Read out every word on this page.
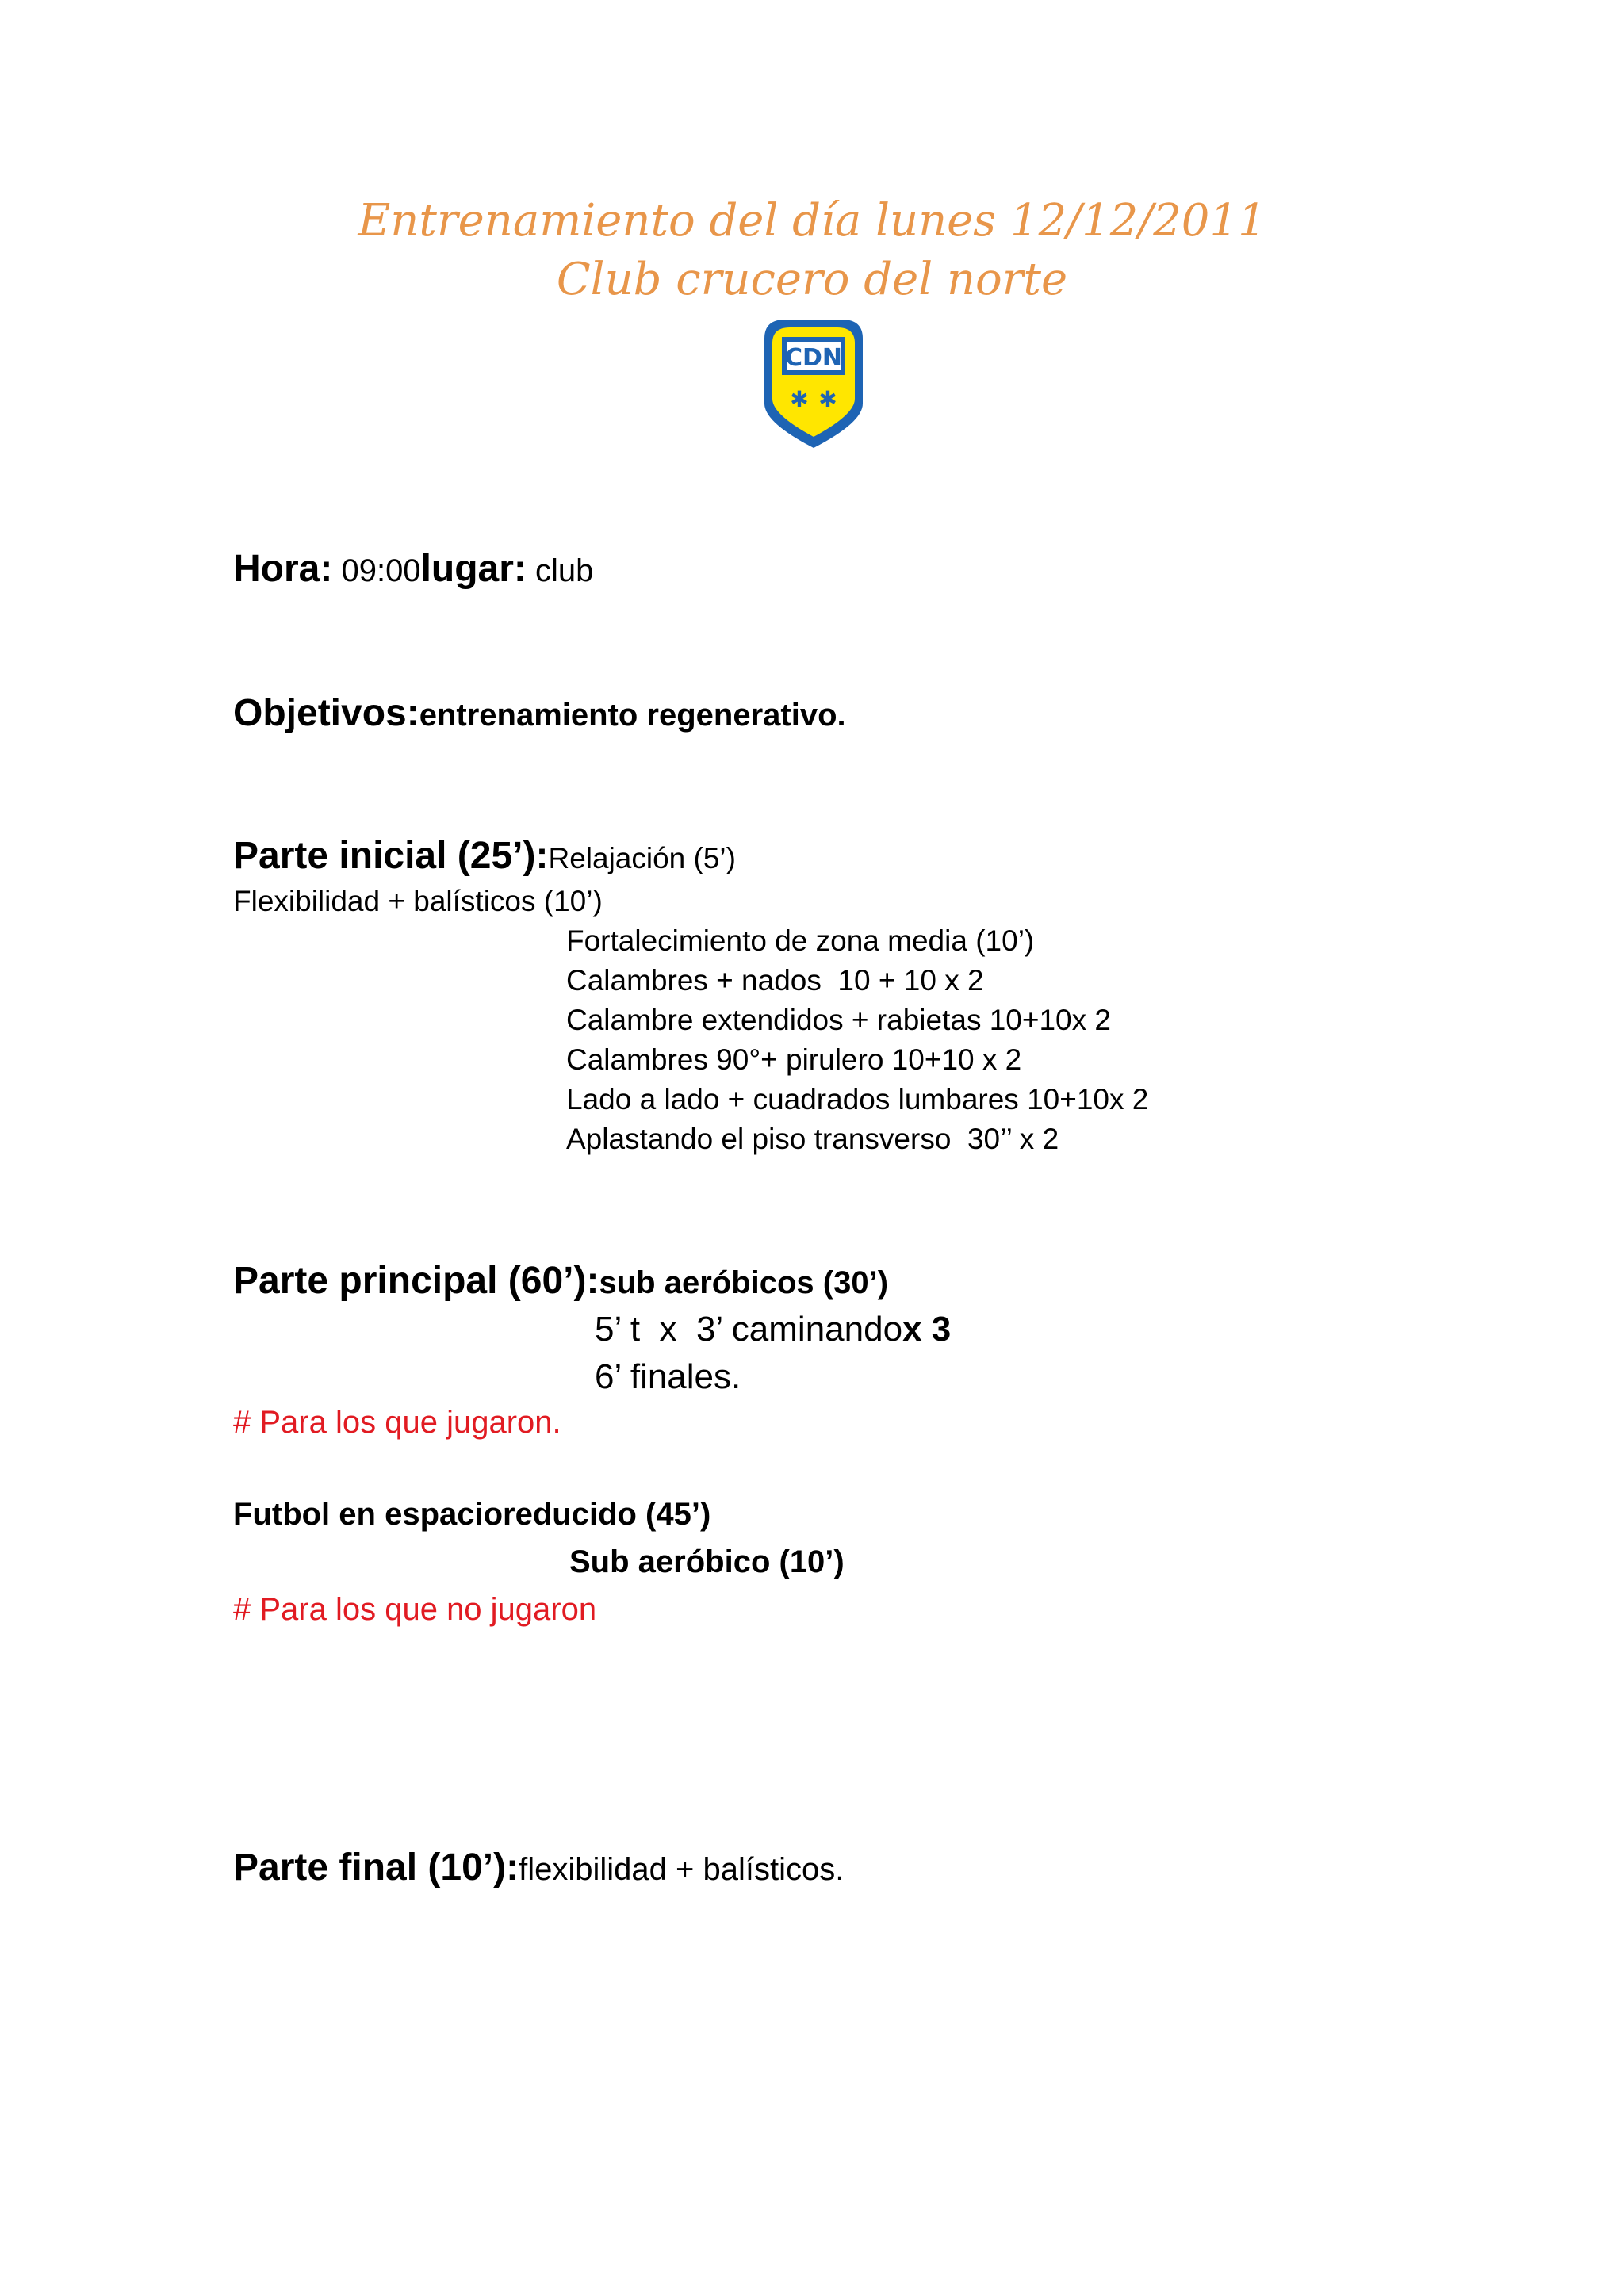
Entrenamiento del día lunes 12/12/2011
Club crucero del norte
CDN
✱ ✱
Hora: 09:00lugar: club
Objetivos:entrenamiento regenerativo.
Parte inicial (25’):Relajación (5’)
Flexibilidad + balísticos (10’)
Fortalecimiento de zona media (10’)
Calambres + nados  10 + 10 x 2
Calambre extendidos + rabietas 10+10x 2
Calambres 90°+ pirulero 10+10 x 2
Lado a lado + cuadrados lumbares 10+10x 2
Aplastando el piso transverso  30’’ x 2
Parte principal (60’):sub aeróbicos (30’)
5’ t  x  3’ caminandox 3
6’ finales.
# Para los que jugaron.
Futbol en espacioreducido (45’)
Sub aeróbico (10’)
# Para los que no jugaron
Parte final (10’):flexibilidad + balísticos.
